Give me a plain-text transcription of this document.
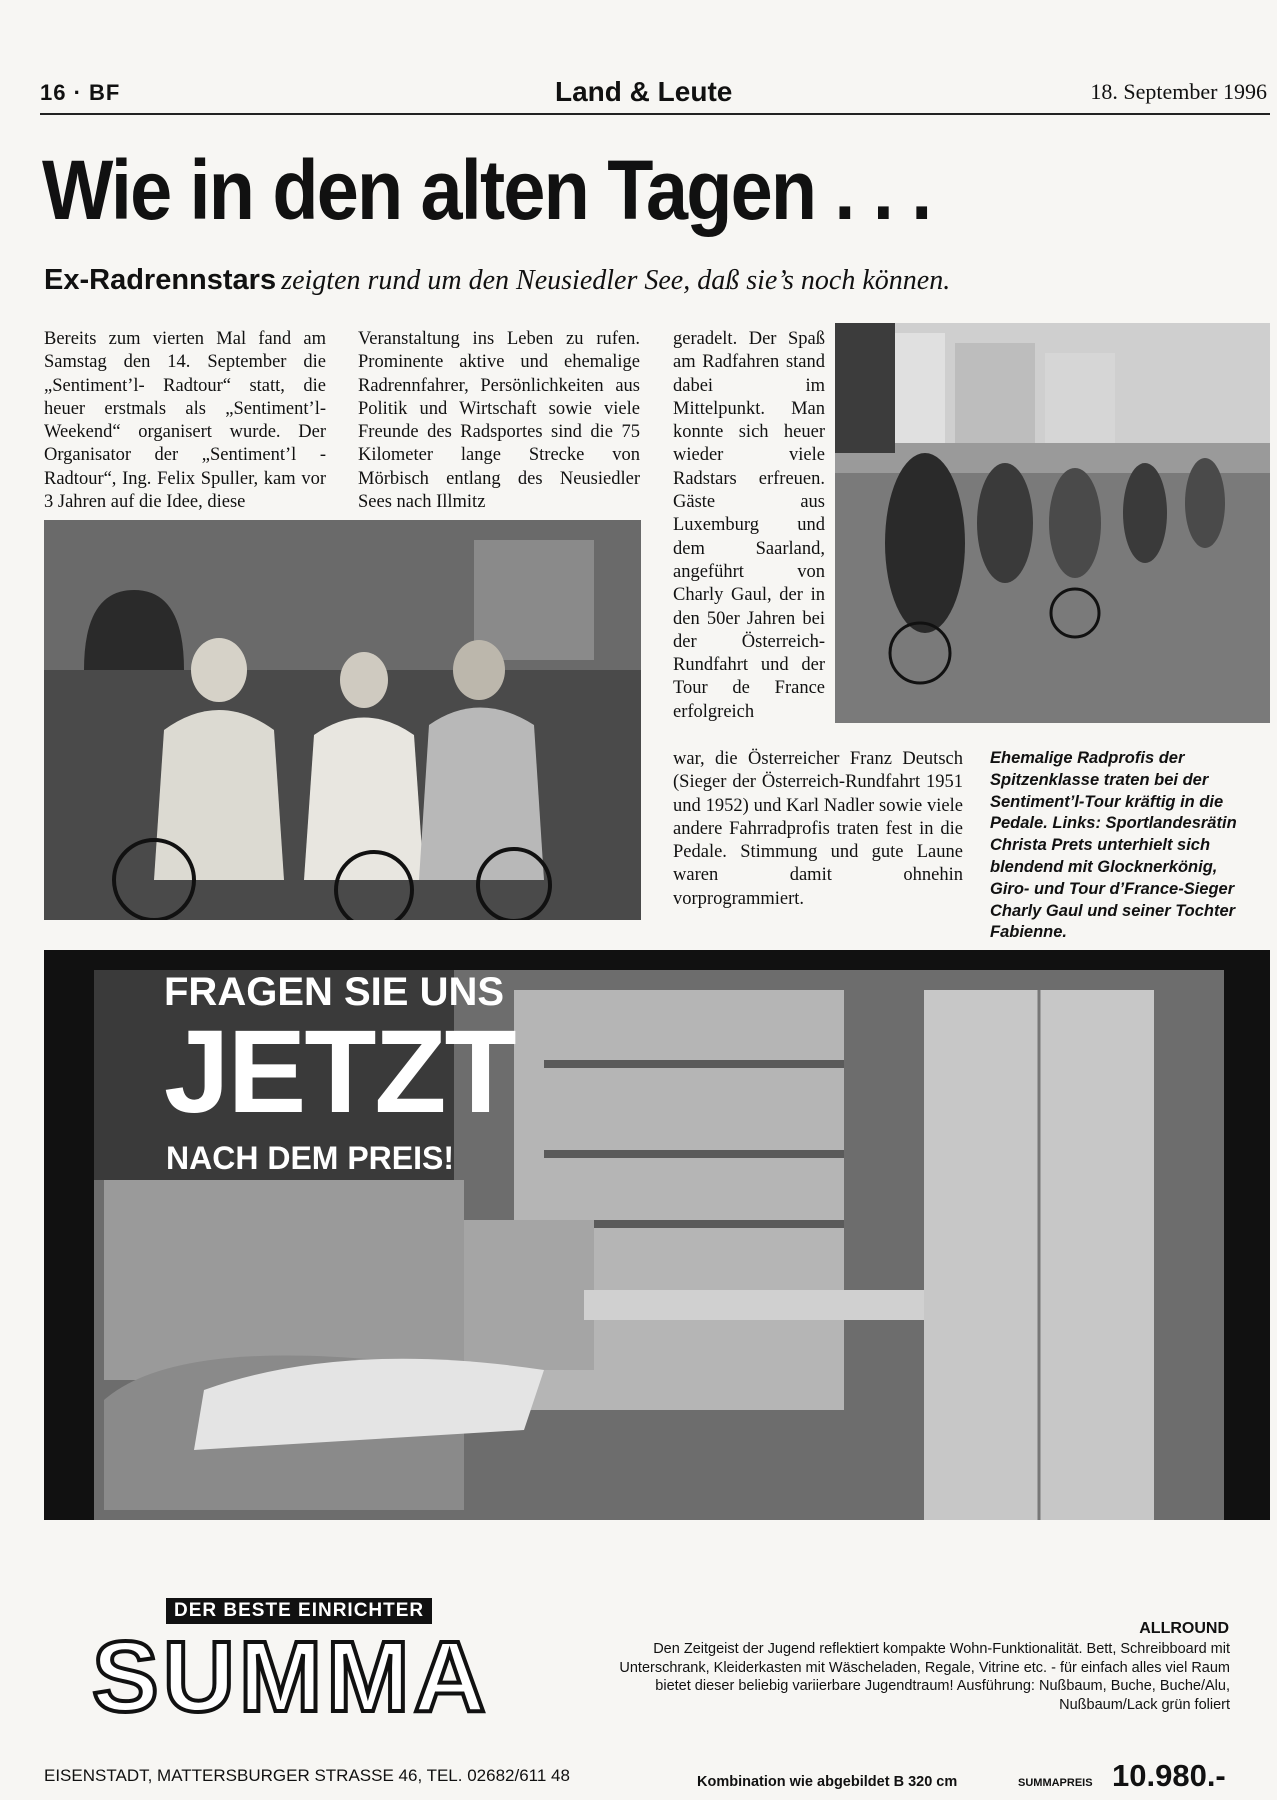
16 · BF	Land & Leute	18. September 1996
Wie in den alten Tagen . . .
Ex-Radrennstars zeigten rund um den Neusiedler See, daß sie’s noch können.

Bereits zum vierten Mal fand am Samstag den 14. September die „Sentiment’l- Radtour“ statt, die heuer erstmals als „Sentiment’l-Weekend“ organisert wurde. Der Organisator der „Sentiment’l - Radtour“, Ing. Felix Spuller, kam vor 3 Jahren auf die Idee, diese

Veranstaltung ins Leben zu rufen. Prominente aktive und ehemalige Radrennfahrer, Persönlichkeiten aus Politik und Wirtschaft sowie viele Freunde des Radsportes sind die 75 Kilometer lange Strecke von Mörbisch entlang des Neusiedler Sees nach Illmitz

geradelt. Der Spaß am Radfahren stand dabei im Mittelpunkt. Man konnte sich heuer wieder viele Radstars erfreuen. Gäste aus Luxemburg und dem Saarland, angeführt von Charly Gaul, der in den 50er Jahren bei der Österreich-Rundfahrt und der Tour de France erfolgreich

war, die Österreicher Franz Deutsch (Sieger der Österreich-Rundfahrt 1951 und 1952) und Karl Nadler sowie viele andere Fahrradprofis traten fest in die Pedale. Stimmung und gute Laune waren damit ohnehin vorprogrammiert.

Ehemalige Radprofis der Spitzenklasse traten bei der Sentiment’l-Tour kräftig in die Pedale. Links: Sportlandesrätin Christa Prets unterhielt sich blendend mit Glocknerkönig, Giro- und Tour d’France-Sieger Charly Gaul und seiner Tochter Fabienne.
FRAGEN SIE UNS
JETZT
NACH DEM PREIS!
DER BESTE EINRICHTER
SUMMA
EISENSTADT, MATTERSBURGER STRASSE 46, TEL. 02682/611 48
ALLROUND
Den Zeitgeist der Jugend reflektiert kompakte Wohn-Funktionalität. Bett, Schreibboard mit Unterschrank, Kleiderkasten mit Wäscheladen, Regale, Vitrine etc. - für einfach alles viel Raum bietet dieser beliebig variierbare Jugendtraum! Ausführung: Nußbaum, Buche, Buche/Alu, Nußbaum/Lack grün foliert
Kombination wie abgebildet B 320 cm	SUMMAPREIS 10.980.-
